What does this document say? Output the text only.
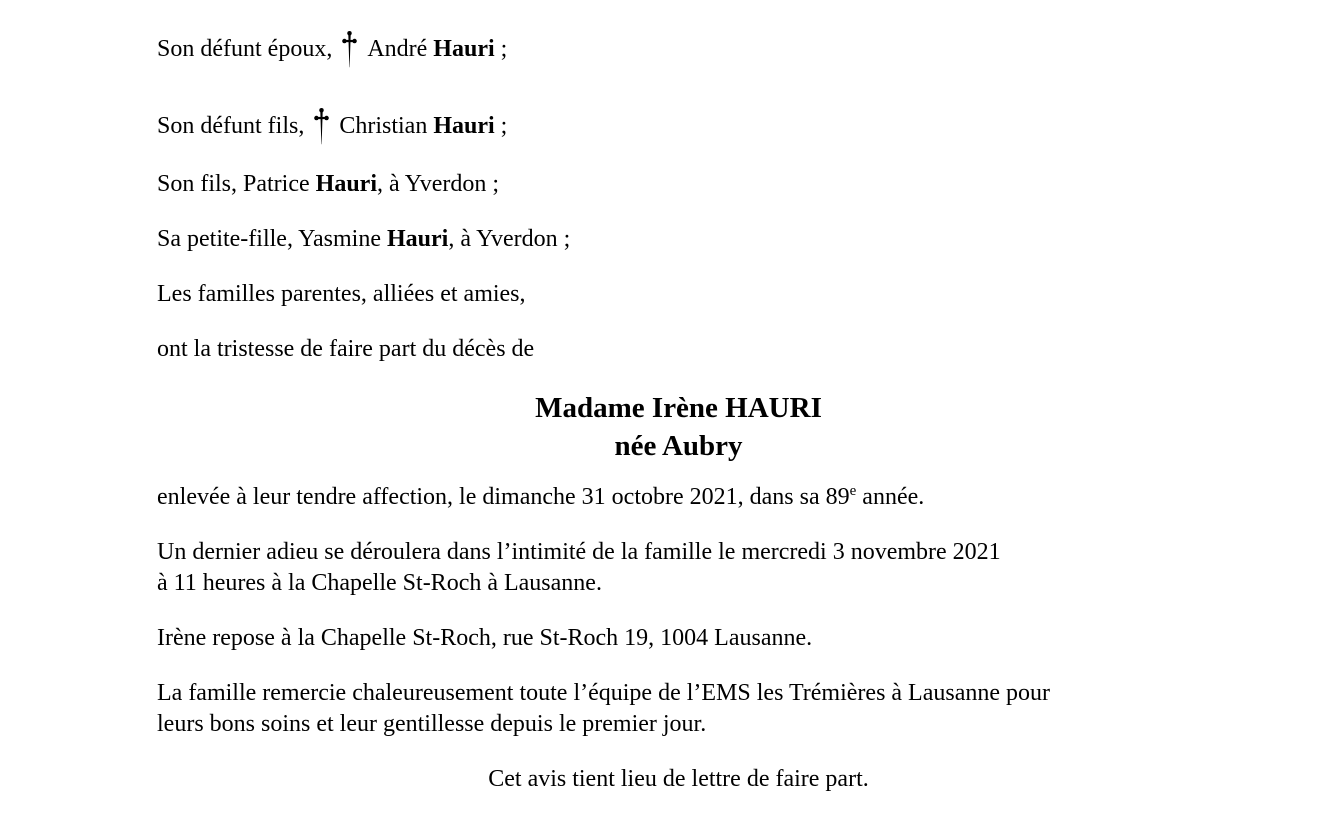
Son défunt époux, André Hauri ;

Son défunt fils, Christian Hauri ;

Son fils, Patrice Hauri, à Yverdon ;

Sa petite-fille, Yasmine Hauri, à Yverdon ;

Les familles parentes, alliées et amies,

ont la tristesse de faire part du décès de

Madame Irène HAURI
née Aubry

enlevée à leur tendre affection, le dimanche 31 octobre 2021, dans sa 89e année.

Un dernier adieu se déroulera dans l’intimité de la famille le mercredi 3 novembre 2021
à 11 heures à la Chapelle St-Roch à Lausanne.

Irène repose à la Chapelle St-Roch, rue St-Roch 19, 1004 Lausanne.

La famille remercie chaleureusement toute l’équipe de l’EMS les Trémières à Lausanne pour
leurs bons soins et leur gentillesse depuis le premier jour.

Cet avis tient lieu de lettre de faire part.
